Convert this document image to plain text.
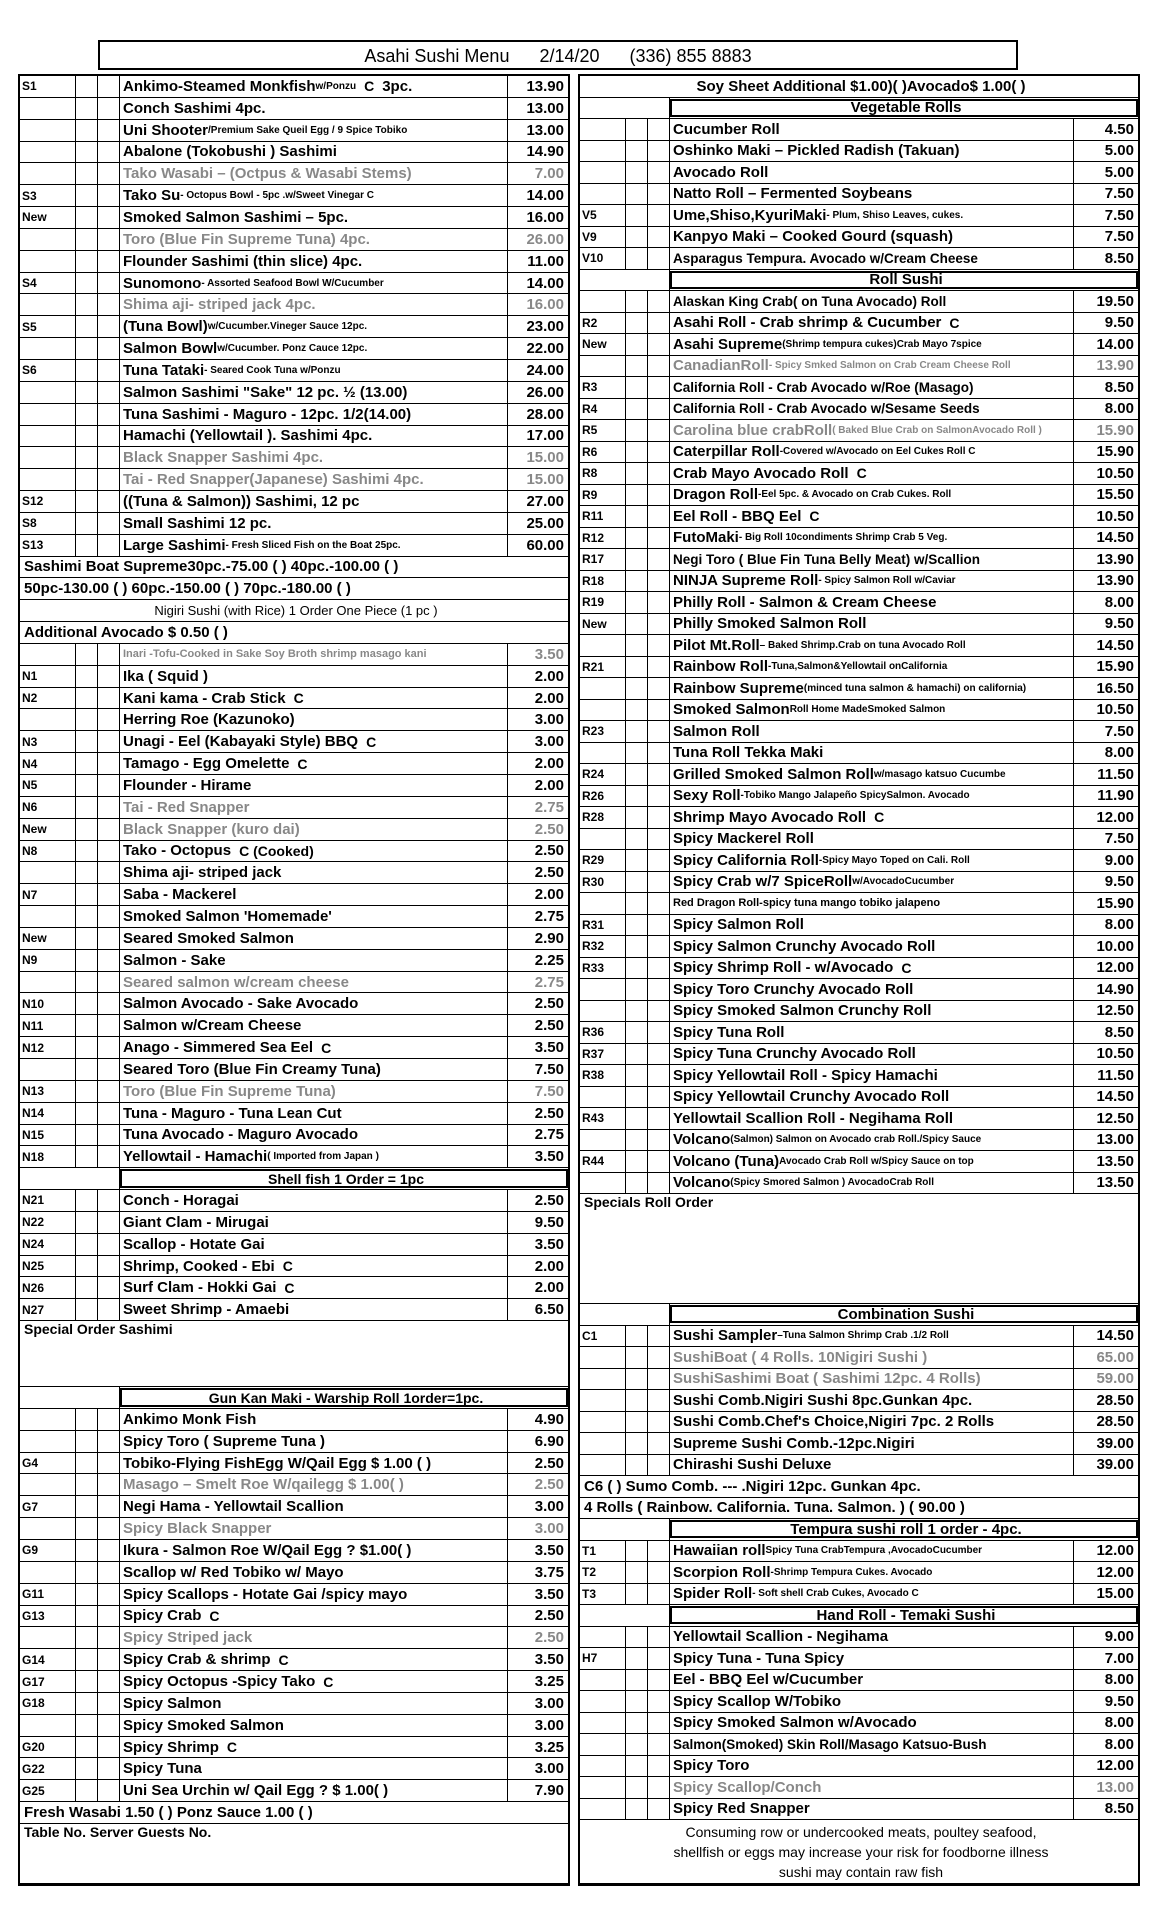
Asahi Sushi Menu      2/14/20      (336) 855 8883
S1	Ankimo-Steamed Monkfish w/Ponzu C 3pc.	13.90
Conch Sashimi 4pc.	13.00
Uni Shooter /Premium Sake Queil Egg / 9 Spice Tobiko	13.00
Abalone (Tokobushi ) Sashimi	14.90
Tako Wasabi – (Octpus & Wasabi Stems)	7.00
S3	Tako Su - Octopus Bowl - 5pc .w/Sweet Vinegar C	14.00
New	Smoked Salmon Sashimi – 5pc.	16.00
Toro (Blue Fin Supreme Tuna) 4pc.	26.00
Flounder Sashimi (thin slice) 4pc.	11.00
S4	Sunomono - Assorted Seafood Bowl W/Cucumber	14.00
Shima aji- striped jack 4pc.	16.00
S5	(Tuna Bowl) w/Cucumber.Vineger Sauce 12pc.	23.00
Salmon Bowl w/Cucumber. Ponz Cauce 12pc.	22.00
S6	Tuna Tataki - Seared Cook Tuna w/Ponzu	24.00
Salmon Sashimi "Sake" 12 pc. ½ (13.00)	26.00
Tuna Sashimi - Maguro - 12pc. 1/2(14.00)	28.00
Hamachi (Yellowtail ). Sashimi 4pc.	17.00
Black Snapper Sashimi 4pc.	15.00
Tai - Red Snapper(Japanese) Sashimi 4pc.	15.00
S12	((Tuna & Salmon)) Sashimi, 12 pc	27.00
S8	Small Sashimi 12 pc.	25.00
S13	Large Sashimi - Fresh Sliced Fish on the Boat 25pc.	60.00
Sashimi Boat Supreme30pc.-75.00 ( ) 40pc.-100.00 ( )
50pc-130.00 ( ) 60pc.-150.00 ( ) 70pc.-180.00 ( )
Nigiri Sushi (with Rice) 1 Order One Piece (1 pc )
Additional Avocado $ 0.50 ( )
Inari -Tofu-Cooked in Sake Soy Broth shrimp masago kani	3.50
N1	Ika ( Squid )	2.00
N2	Kani kama - Crab Stick C	2.00
Herring Roe (Kazunoko)	3.00
N3	Unagi - Eel (Kabayaki Style) BBQ C	3.00
N4	Tamago - Egg Omelette C	2.00
N5	Flounder - Hirame	2.00
N6	Tai - Red Snapper	2.75
New	Black Snapper (kuro dai)	2.50
N8	Tako - Octopus C (Cooked)	2.50
Shima aji- striped jack	2.50
N7	Saba - Mackerel	2.00
Smoked Salmon 'Homemade'	2.75
New	Seared Smoked Salmon	2.90
N9	Salmon - Sake	2.25
Seared salmon w/cream cheese	2.75
N10	Salmon Avocado - Sake Avocado	2.50
N11	Salmon w/Cream Cheese	2.50
N12	Anago - Simmered Sea Eel C	3.50
Seared Toro (Blue Fin Creamy Tuna)	7.50
N13	Toro (Blue Fin Supreme Tuna)	7.50
N14	Tuna - Maguro - Tuna Lean Cut	2.50
N15	Tuna Avocado - Maguro Avocado	2.75
N18	Yellowtail - Hamachi ( Imported from Japan )	3.50
Shell fish 1 Order = 1pc
N21	Conch - Horagai	2.50
N22	Giant Clam - Mirugai	9.50
N24	Scallop - Hotate Gai	3.50
N25	Shrimp, Cooked - Ebi C	2.00
N26	Surf Clam - Hokki Gai C	2.00
N27	Sweet Shrimp - Amaebi	6.50
Special Order Sashimi
Gun Kan Maki - Warship Roll 1order=1pc.
Ankimo Monk Fish	4.90
Spicy Toro ( Supreme Tuna )	6.90
G4	Tobiko-Flying FishEgg W/Qail Egg $ 1.00 ( )	2.50
Masago – Smelt Roe W/qailegg $ 1.00( )	2.50
G7	Negi Hama - Yellowtail Scallion	3.00
Spicy Black Snapper	3.00
G9	Ikura - Salmon Roe W/Qail Egg ? $1.00( )	3.50
Scallop w/ Red Tobiko w/ Mayo	3.75
G11	Spicy Scallops - Hotate Gai /spicy mayo	3.50
G13	Spicy Crab C	2.50
Spicy Striped jack	2.50
G14	Spicy Crab & shrimp C	3.50
G17	Spicy Octopus -Spicy Tako C	3.25
G18	Spicy Salmon	3.00
Spicy Smoked Salmon	3.00
G20	Spicy Shrimp C	3.25
G22	Spicy Tuna	3.00
G25	Uni Sea Urchin w/ Qail Egg ? $ 1.00( )	7.90
Fresh Wasabi 1.50 ( ) Ponz Sauce 1.00 ( )
Table No. Server Guests No.
Soy Sheet Additional $1.00)( )Avocado$ 1.00( )
Vegetable Rolls
Cucumber Roll	4.50
Oshinko Maki – Pickled Radish (Takuan)	5.00
Avocado Roll	5.00
Natto Roll – Fermented Soybeans	7.50
V5	Ume,Shiso,KyuriMaki - Plum, Shiso Leaves, cukes.	7.50
V9	Kanpyo Maki – Cooked Gourd (squash)	7.50
V10	Asparagus Tempura. Avocado w/Cream Cheese	8.50
Roll Sushi
Alaskan King Crab( on Tuna Avocado) Roll	19.50
R2	Asahi Roll - Crab shrimp & Cucumber C	9.50
New	Asahi Supreme (Shrimp tempura cukes)Crab Mayo 7spice	14.00
CanadianRoll - Spicy Smked Salmon on Crab Cream Cheese Roll	13.90
R3	California Roll - Crab Avocado w/Roe (Masago)	8.50
R4	California Roll - Crab Avocado w/Sesame Seeds	8.00
R5	Carolina blue crabRoll ( Baked Blue Crab on SalmonAvocado Roll )	15.90
R6	Caterpillar Roll -Covered w/Avocado on Eel Cukes Roll C	15.90
R8	Crab Mayo Avocado Roll C	10.50
R9	Dragon Roll -Eel 5pc. & Avocado on Crab Cukes. Roll	15.50
R11	Eel Roll - BBQ Eel C	10.50
R12	FutoMaki - Big Roll 10condiments Shrimp Crab 5 Veg.	14.50
R17	Negi Toro ( Blue Fin Tuna Belly Meat) w/Scallion	13.90
R18	NINJA Supreme Roll - Spicy Salmon Roll w/Caviar	13.90
R19	Philly Roll - Salmon & Cream Cheese	8.00
New	Philly Smoked Salmon Roll	9.50
Pilot Mt.Roll – Baked Shrimp.Crab on tuna Avocado Roll	14.50
R21	Rainbow Roll -Tuna,Salmon&Yellowtail onCalifornia	15.90
Rainbow Supreme (minced tuna salmon & hamachi) on california)	16.50
Smoked Salmon Roll Home MadeSmoked Salmon	10.50
R23	Salmon Roll	7.50
Tuna Roll Tekka Maki	8.00
R24	Grilled Smoked Salmon Roll w/masago katsuo Cucumbe	11.50
R26	Sexy Roll -Tobiko Mango Jalapeño SpicySalmon. Avocado	11.90
R28	Shrimp Mayo Avocado Roll C	12.00
Spicy Mackerel Roll	7.50
R29	Spicy California Roll -Spicy Mayo Toped on Cali. Roll	9.00
R30	Spicy Crab w/7 SpiceRoll w/AvocadoCucumber	9.50
Red Dragon Roll-spicy tuna mango tobiko jalapeno	15.90
R31	Spicy Salmon Roll	8.00
R32	Spicy Salmon Crunchy Avocado Roll	10.00
R33	Spicy Shrimp Roll - w/Avocado C	12.00
Spicy Toro Crunchy Avocado Roll	14.90
Spicy Smoked Salmon Crunchy Roll	12.50
R36	Spicy Tuna Roll	8.50
R37	Spicy Tuna Crunchy Avocado Roll	10.50
R38	Spicy Yellowtail Roll - Spicy Hamachi	11.50
Spicy Yellowtail Crunchy Avocado Roll	14.50
R43	Yellowtail Scallion Roll - Negihama Roll	12.50
Volcano (Salmon) Salmon on Avocado crab Roll./Spicy Sauce	13.00
R44	Volcano (Tuna) Avocado Crab Roll w/Spicy Sauce on top	13.50
Volcano (Spicy Smored Salmon ) AvocadoCrab Roll	13.50
Specials Roll Order
Combination Sushi
C1	Sushi Sampler –Tuna Salmon Shrimp Crab .1/2 Roll	14.50
SushiBoat ( 4 Rolls. 10Nigiri Sushi )	65.00
SushiSashimi Boat ( Sashimi 12pc. 4 Rolls)	59.00
Sushi Comb.Nigiri Sushi 8pc.Gunkan 4pc.	28.50
Sushi Comb.Chef's Choice,Nigiri 7pc. 2 Rolls	28.50
Supreme Sushi Comb.-12pc.Nigiri	39.00
Chirashi Sushi Deluxe	39.00
C6 ( ) Sumo Comb. --- .Nigiri 12pc. Gunkan 4pc.
4 Rolls ( Rainbow. California. Tuna. Salmon. ) ( 90.00 )
Tempura sushi roll 1 order - 4pc.
T1	Hawaiian roll Spicy Tuna CrabTempura ,AvocadoCucumber	12.00
T2	Scorpion Roll -Shrimp Tempura Cukes. Avocado	12.00
T3	Spider Roll - Soft shell Crab Cukes, Avocado C	15.00
Hand Roll - Temaki Sushi
Yellowtail Scallion - Negihama	9.00
H7	Spicy Tuna - Tuna Spicy	7.00
Eel - BBQ Eel w/Cucumber	8.00
Spicy Scallop W/Tobiko	9.50
Spicy Smoked Salmon w/Avocado	8.00
Salmon(Smoked) Skin Roll/Masago Katsuo-Bush	8.00
Spicy Toro	12.00
Spicy Scallop/Conch	13.00
Spicy Red Snapper	8.50
Consuming row or undercooked meats, poultey seafood,
shellfish or eggs may increase your risk for foodborne illness
sushi may contain raw fish
